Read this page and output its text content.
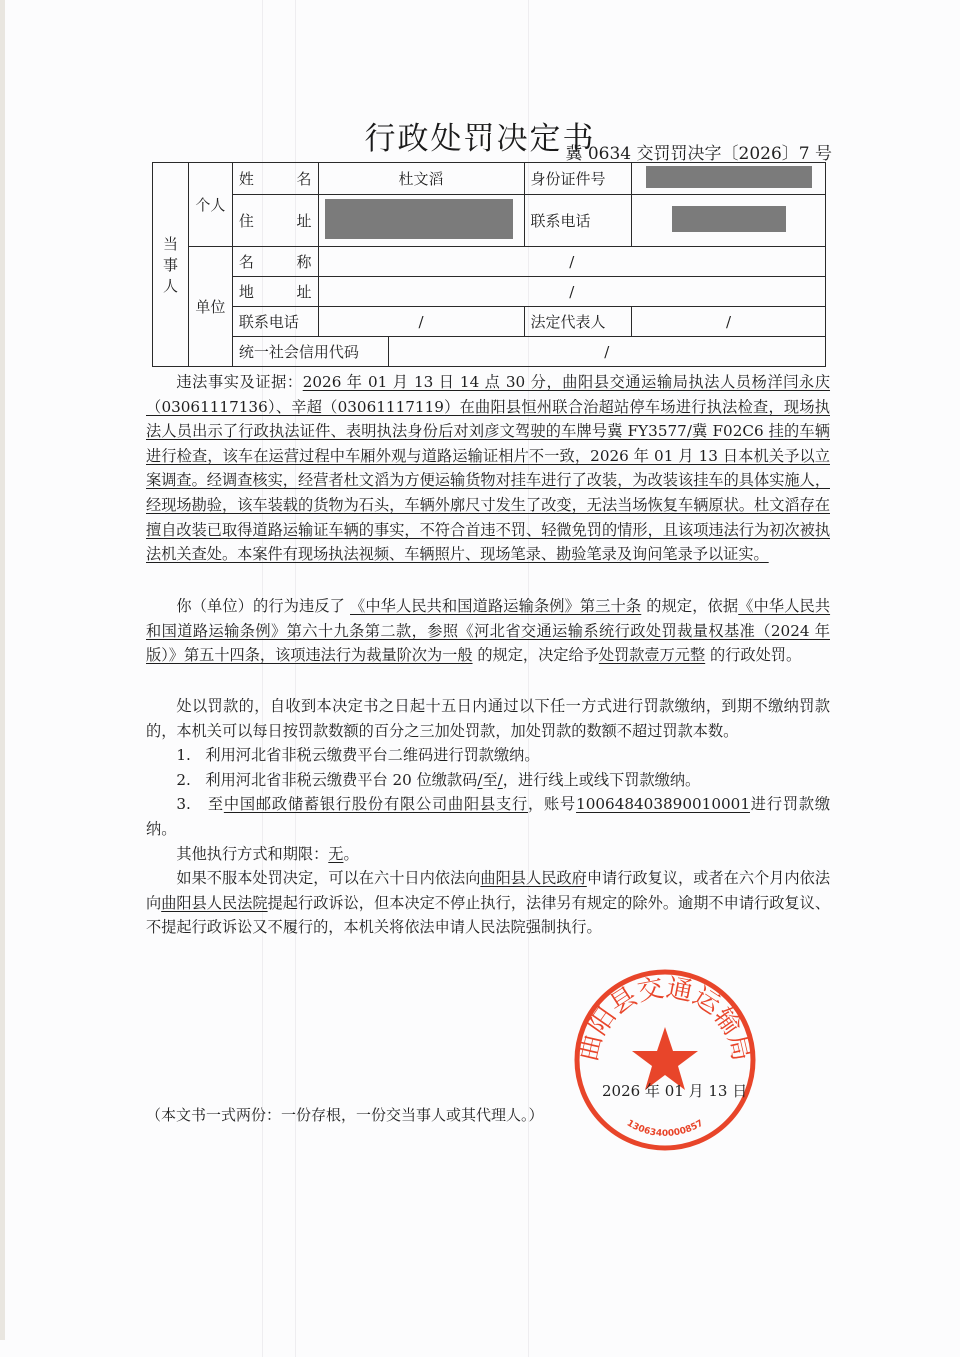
行政处罚决定书
冀 0634 交罚罚决字〔2026〕7 号
当事人	个人	姓 名	杜文滔		身份证件号	

		住 址			联系电话	
	单位	名 称	/			

		地 址	/			
		联系电话	/		法定代表人	/
		统一社会信用代码		/		
违法事实及证据：2026 年 01 月 13 日 14 点 30 分，曲阳县交通运输局执法人员杨洋闫永庆（03061117136）、辛超（03061117119）在曲阳县恒州联合治超站停车场进行执法检查，现场执法人员出示了行政执法证件、表明执法身份后对刘彦文驾驶的车牌号冀 FY3577/冀 F02C6 挂的车辆进行检查，该车在运营过程中车厢外观与道路运输证相片不一致，2026 年 01 月 13 日本机关予以立案调查。经调查核实，经营者杜文滔为方便运输货物对挂车进行了改装，为改装该挂车的具体实施人，经现场勘验，该车装载的货物为石头，车辆外廓尺寸发生了改变，无法当场恢复车辆原状。杜文滔存在擅自改装已取得道路运输证车辆的事实，不符合首违不罚、轻微免罚的情形，且该项违法行为初次被执法机关查处。本案件有现场执法视频、车辆照片、现场笔录、勘验笔录及询问笔录予以证实。
你（单位）的行为违反了 《中华人民共和国道路运输条例》第三十条 的规定，依据《中华人民共和国道路运输条例》第六十九条第二款，参照《河北省交通运输系统行政处罚裁量权基准（2024 年版）》第五十四条，该项违法行为裁量阶次为一般 的规定，决定给予处罚款壹万元整 的行政处罚。
处以罚款的，自收到本决定书之日起十五日内通过以下任一方式进行罚款缴纳，到期不缴纳罚款的，本机关可以每日按罚款数额的百分之三加处罚款，加处罚款的数额不超过罚款本数。
1. 利用河北省非税云缴费平台二维码进行罚款缴纳。
2. 利用河北省非税云缴费平台 20 位缴款码/至/，进行线上或线下罚款缴纳。
3. 至中国邮政储蓄银行股份有限公司曲阳县支行，账号100648403890010001进行罚款缴纳。
其他执行方式和期限：无。
如果不服本处罚决定，可以在六十日内依法向曲阳县人民政府申请行政复议，或者在六个月内依法向曲阳县人民法院提起行政诉讼，但本决定不停止执行，法律另有规定的除外。逾期不申请行政复议、不提起行政诉讼又不履行的，本机关将依法申请人民法院强制执行。
曲阳县交通运输局
1306340000857
2026 年 01 月 13 日
（本文书一式两份：一份存根，一份交当事人或其代理人。）
